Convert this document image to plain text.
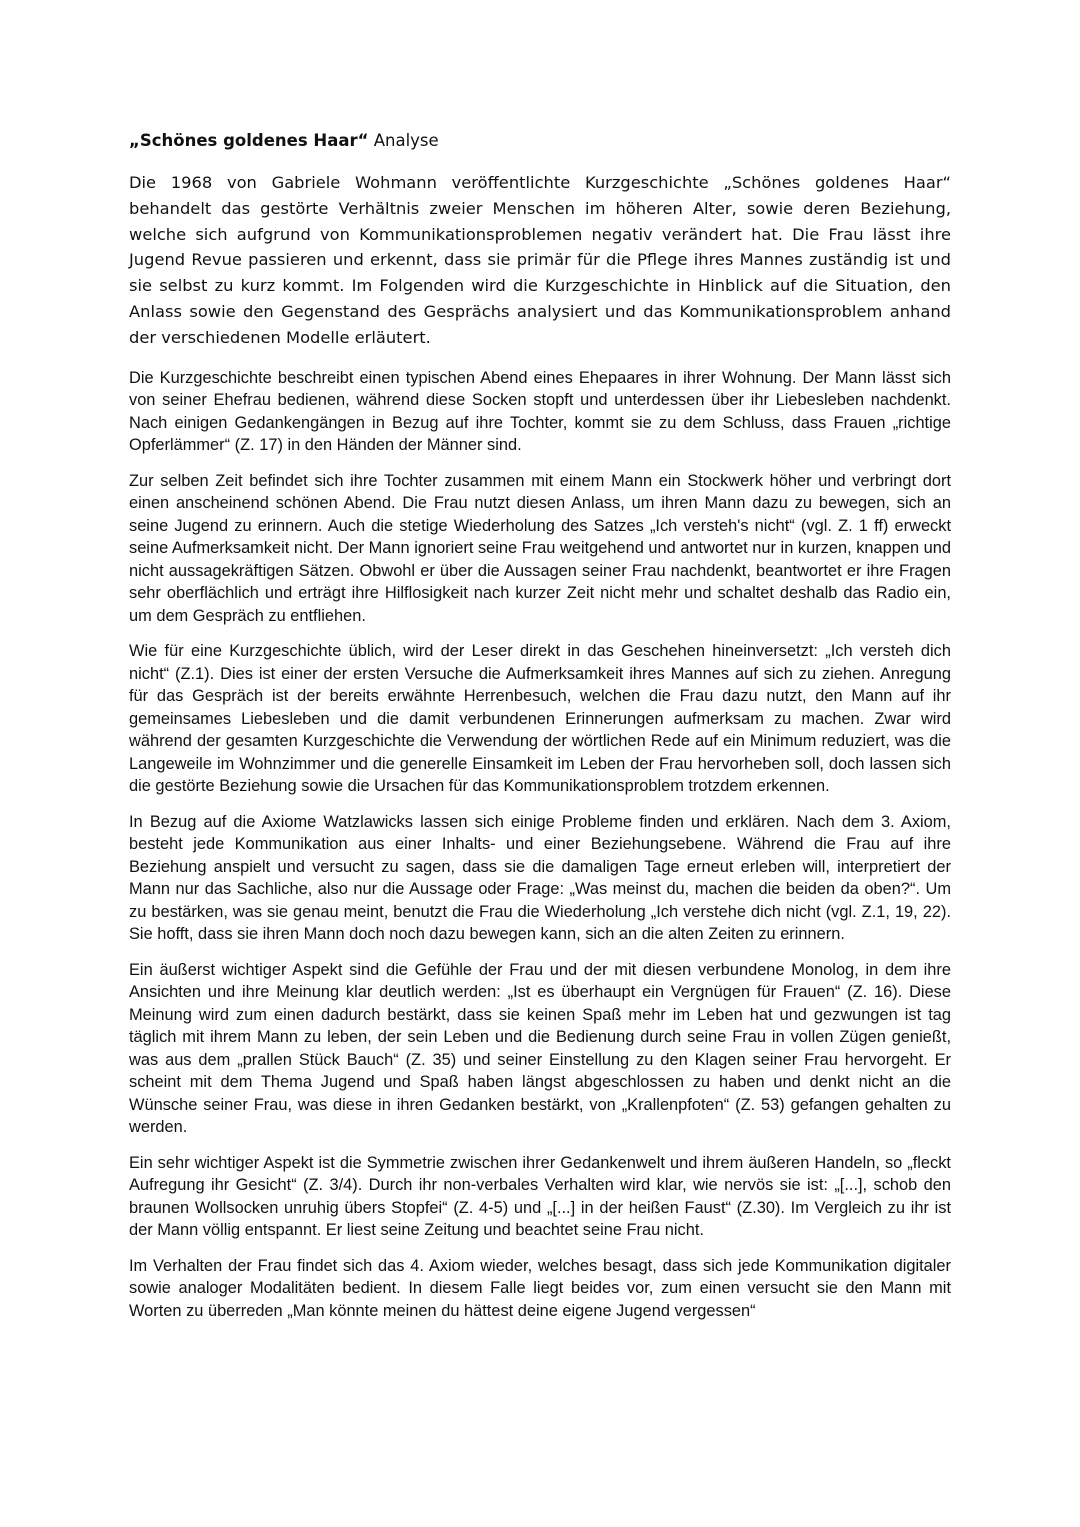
„Schönes goldenes Haar“ Analyse

Die 1968 von Gabriele Wohmann veröffentlichte Kurzgeschichte „Schönes goldenes Haar“ behandelt das gestörte Verhältnis zweier Menschen im höheren Alter, sowie deren Beziehung, welche sich aufgrund von Kommunikationsproblemen negativ verändert hat. Die Frau lässt ihre Jugend Revue passieren und erkennt, dass sie primär für die Pflege ihres Mannes zuständig ist und sie selbst zu kurz kommt. Im Folgenden wird die Kurzgeschichte in Hinblick auf die Situation, den Anlass sowie den Gegenstand des Gesprächs analysiert und das Kommunikationsproblem anhand der verschiedenen Modelle erläutert.

Die Kurzgeschichte beschreibt einen typischen Abend eines Ehepaares in ihrer Wohnung. Der Mann lässt sich von seiner Ehefrau bedienen, während diese Socken stopft und unterdessen über ihr Liebesleben nachdenkt. Nach einigen Gedankengängen in Bezug auf ihre Tochter, kommt sie zu dem Schluss, dass Frauen „richtige Opferlämmer“ (Z. 17) in den Händen der Männer sind.

Zur selben Zeit befindet sich ihre Tochter zusammen mit einem Mann ein Stockwerk höher und verbringt dort einen anscheinend schönen Abend. Die Frau nutzt diesen Anlass, um ihren Mann dazu zu bewegen, sich an seine Jugend zu erinnern. Auch die stetige Wiederholung des Satzes „Ich versteh's nicht“ (vgl. Z. 1 ff) erweckt seine Aufmerksamkeit nicht. Der Mann ignoriert seine Frau weitgehend und antwortet nur in kurzen, knappen und nicht aussagekräftigen Sätzen. Obwohl er über die Aussagen seiner Frau nachdenkt, beantwortet er ihre Fragen sehr oberflächlich und erträgt ihre Hilflosigkeit nach kurzer Zeit nicht mehr und schaltet deshalb das Radio ein, um dem Gespräch zu entfliehen.

Wie für eine Kurzgeschichte üblich, wird der Leser direkt in das Geschehen hineinversetzt: „Ich versteh dich nicht“ (Z.1). Dies ist einer der ersten Versuche die Aufmerksamkeit ihres Mannes auf sich zu ziehen. Anregung für das Gespräch ist der bereits erwähnte Herrenbesuch, welchen die Frau dazu nutzt, den Mann auf ihr gemeinsames Liebesleben und die damit verbundenen Erinnerungen aufmerksam zu machen. Zwar wird während der gesamten Kurzgeschichte die Verwendung der wörtlichen Rede auf ein Minimum reduziert, was die Langeweile im Wohnzimmer und die generelle Einsamkeit im Leben der Frau hervorheben soll, doch lassen sich die gestörte Beziehung sowie die Ursachen für das Kommunikationsproblem trotzdem erkennen.

In Bezug auf die Axiome Watzlawicks lassen sich einige Probleme finden und erklären. Nach dem 3. Axiom, besteht jede Kommunikation aus einer Inhalts- und einer Beziehungsebene. Während die Frau auf ihre Beziehung anspielt und versucht zu sagen, dass sie die damaligen Tage erneut erleben will, interpretiert der Mann nur das Sachliche, also nur die Aussage oder Frage: „Was meinst du, machen die beiden da oben?“. Um zu bestärken, was sie genau meint, benutzt die Frau die Wiederholung „Ich verstehe dich nicht (vgl. Z.1, 19, 22). Sie hofft, dass sie ihren Mann doch noch dazu bewegen kann, sich an die alten Zeiten zu erinnern.

Ein äußerst wichtiger Aspekt sind die Gefühle der Frau und der mit diesen verbundene Monolog, in dem ihre Ansichten und ihre Meinung klar deutlich werden: „Ist es überhaupt ein Vergnügen für Frauen“ (Z. 16). Diese Meinung wird zum einen dadurch bestärkt, dass sie keinen Spaß mehr im Leben hat und gezwungen ist tag täglich mit ihrem Mann zu leben, der sein Leben und die Bedienung durch seine Frau in vollen Zügen genießt, was aus dem „prallen Stück Bauch“ (Z. 35) und seiner Einstellung zu den Klagen seiner Frau hervorgeht. Er scheint mit dem Thema Jugend und Spaß haben längst abgeschlossen zu haben und denkt nicht an die Wünsche seiner Frau, was diese in ihren Gedanken bestärkt, von „Krallenpfoten“ (Z. 53) gefangen gehalten zu werden.

Ein sehr wichtiger Aspekt ist die Symmetrie zwischen ihrer Gedankenwelt und ihrem äußeren Handeln, so „fleckt Aufregung ihr Gesicht“ (Z. 3/4). Durch ihr non-verbales Verhalten wird klar, wie nervös sie ist: „[...], schob den braunen Wollsocken unruhig übers Stopfei“ (Z. 4-5) und „[...] in der heißen Faust“ (Z.30). Im Vergleich zu ihr ist der Mann völlig entspannt. Er liest seine Zeitung und beachtet seine Frau nicht.

Im Verhalten der Frau findet sich das 4. Axiom wieder, welches besagt, dass sich jede Kommunikation digitaler sowie analoger Modalitäten bedient. In diesem Falle liegt beides vor, zum einen versucht sie den Mann mit Worten zu überreden „Man könnte meinen du hättest deine eigene Jugend vergessen“
